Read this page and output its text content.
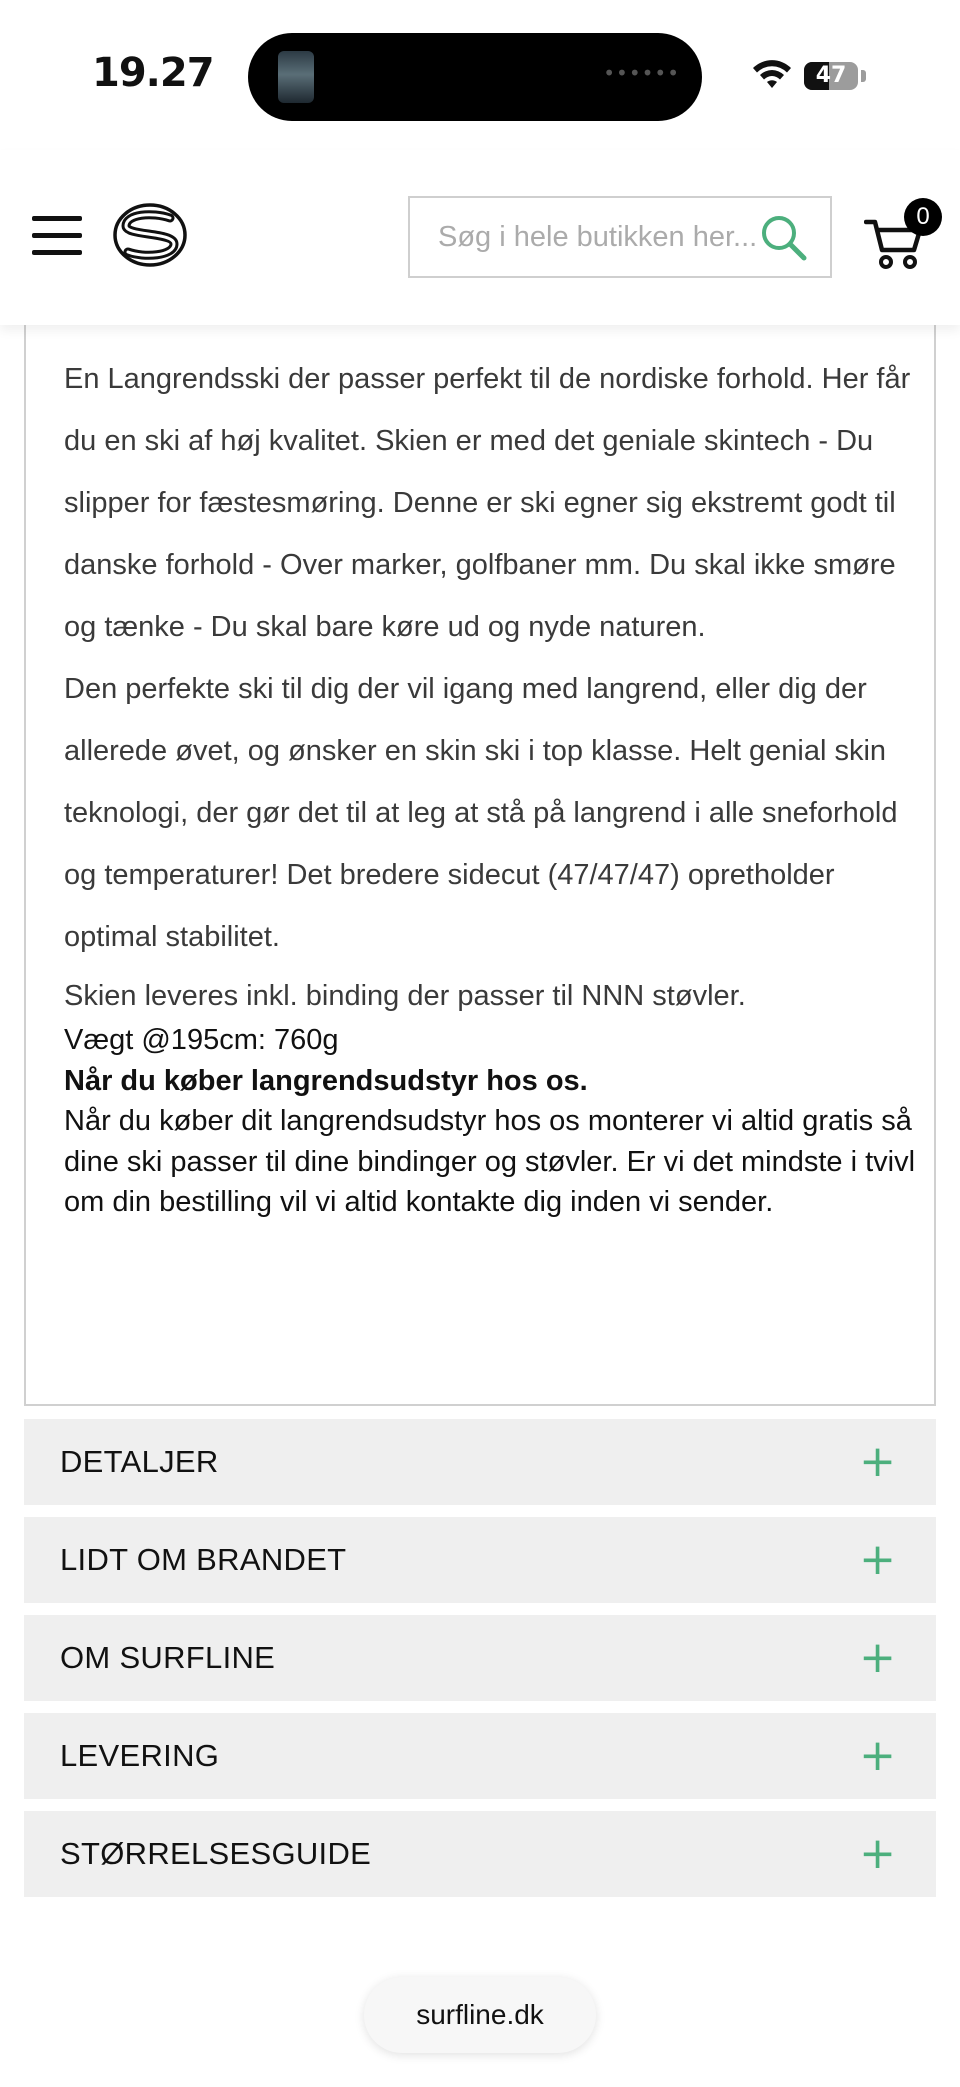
19.27	••••••	47
Søg i hele butikken her...
0

En Langrendsski der passer perfekt til de nordiske forhold. Her får du en ski af høj kvalitet. Skien er med det geniale skintech - Du slipper for fæstesmøring. Denne er ski egner sig ekstremt godt til danske forhold - Over marker, golfbaner mm. Du skal ikke smøre og tænke - Du skal bare køre ud og nyde naturen.

Den perfekte ski til dig der vil igang med langrend, eller dig der allerede øvet, og ønsker en skin ski i top klasse. Helt genial skin teknologi, der gør det til at leg at stå på langrend i alle sneforhold og temperaturer! Det bredere sidecut (47/47/47) opretholder optimal stabilitet.

Skien leveres inkl. binding der passer til NNN støvler.

Vægt @195cm: 760g

Når du køber langrendsudstyr hos os.

Når du køber dit langrendsudstyr hos os monterer vi altid gratis så dine ski passer til dine bindinger og støvler. Er vi det mindste i tvivl om din bestilling vil vi altid kontakte dig inden vi sender.

DETALJER	+
LIDT OM BRANDET	+
OM SURFLINE	+
LEVERING	+
STØRRELSESGUIDE	+
surfline.dk
